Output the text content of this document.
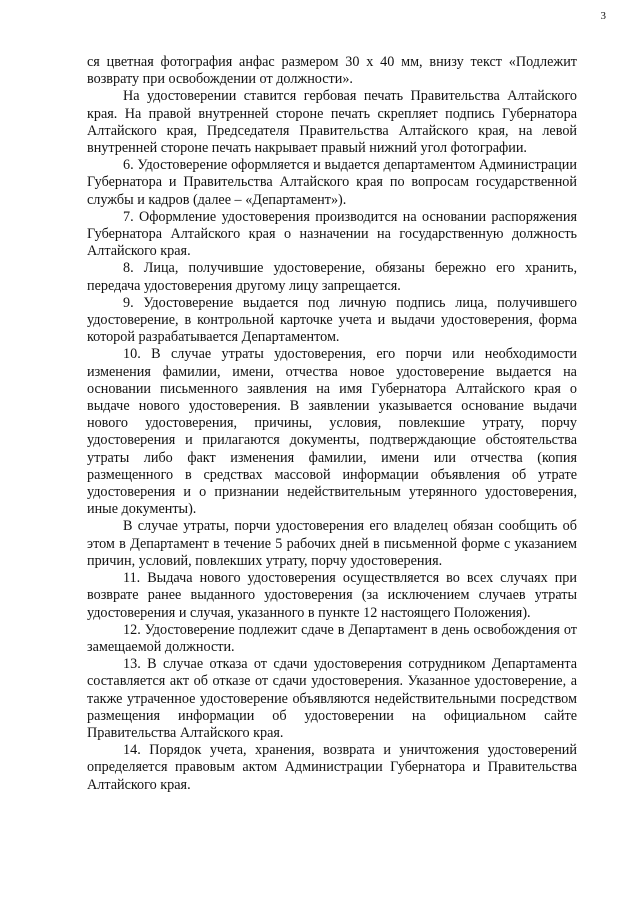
3

ся цветная фотография анфас размером 30 х 40 мм, внизу текст «Подлежит возврату при освобождении от должности».

На удостоверении ставится гербовая печать Правительства Алтайского края. На правой внутренней стороне печать скрепляет подпись Губернатора Алтайского края, Председателя Правительства Алтайского края, на левой внутренней стороне печать накрывает правый нижний угол фотографии.

6. Удостоверение оформляется и выдается департаментом Администрации Губернатора и Правительства Алтайского края по вопросам государственной службы и кадров (далее – «Департамент»).

7. Оформление удостоверения производится на основании распоряжения Губернатора Алтайского края о назначении на государственную должность Алтайского края.

8. Лица, получившие удостоверение, обязаны бережно его хранить, передача удостоверения другому лицу запрещается.

9. Удостоверение выдается под личную подпись лица, получившего удостоверение, в контрольной карточке учета и выдачи удостоверения, форма которой разрабатывается Департаментом.

10. В случае утраты удостоверения, его порчи или необходимости изменения фамилии, имени, отчества новое удостоверение выдается на основании письменного заявления на имя Губернатора Алтайского края о выдаче нового удостоверения. В заявлении указывается основание выдачи нового удостоверения, причины, условия, повлекшие утрату, порчу удостоверения и прилагаются документы, подтверждающие обстоятельства утраты либо факт изменения фамилии, имени или отчества (копия размещенного в средствах массовой информации объявления об утрате удостоверения и о признании недействительным утерянного удостоверения, иные документы).

В случае утраты, порчи удостоверения его владелец обязан сообщить об этом в Департамент в течение 5 рабочих дней в письменной форме с указанием причин, условий, повлекших утрату, порчу удостоверения.

11. Выдача нового удостоверения осуществляется во всех случаях при возврате ранее выданного удостоверения (за исключением случаев утраты удостоверения и случая, указанного в пункте 12 настоящего Положения).

12. Удостоверение подлежит сдаче в Департамент в день освобождения от замещаемой должности.

13. В случае отказа от сдачи удостоверения сотрудником Департамента составляется акт об отказе от сдачи удостоверения. Указанное удостоверение, а также утраченное удостоверение объявляются недействительными посредством размещения информации об удостоверении на официальном сайте Правительства Алтайского края.

14. Порядок учета, хранения, возврата и уничтожения удостоверений определяется правовым актом Администрации Губернатора и Правительства Алтайского края.
